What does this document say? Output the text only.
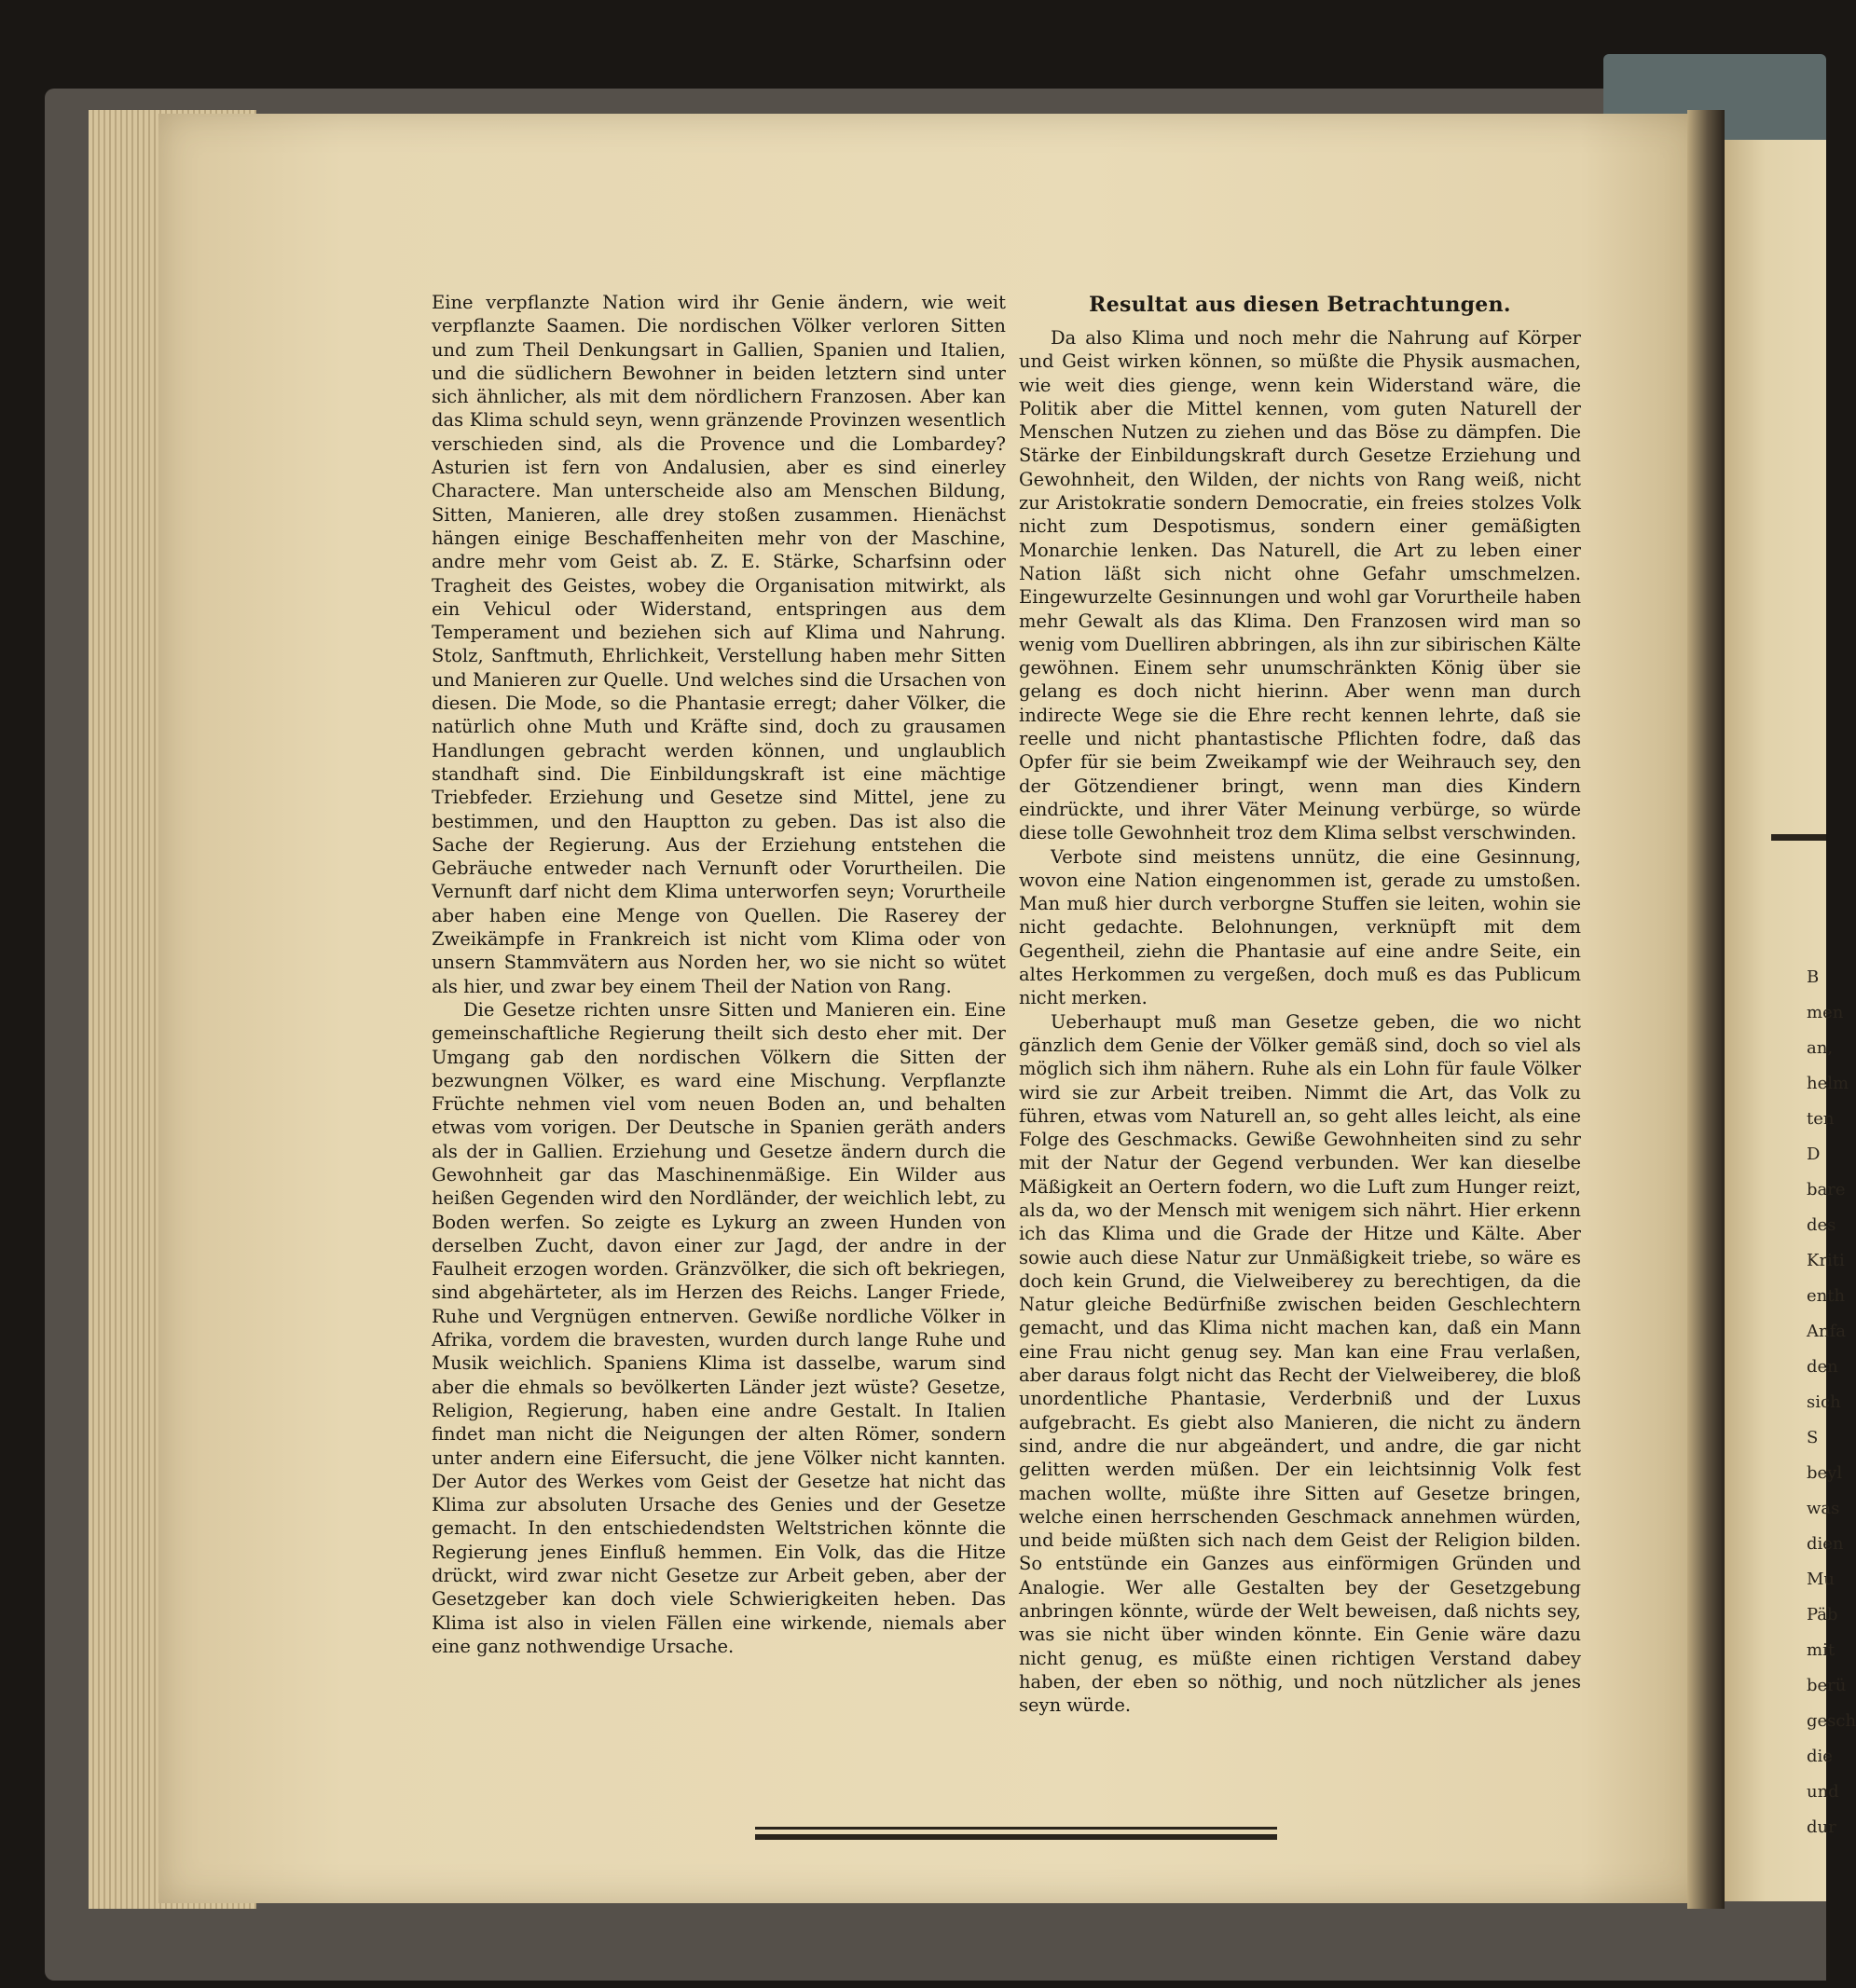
Eine verpflanzte Nation wird ihr Genie ändern, wie weit verpflanzte Saamen. Die nordischen Völker verloren Sitten und zum Theil Denkungsart in Gallien, Spanien und Italien, und die südlichern Bewohner in beiden letztern sind unter sich ähnlicher, als mit dem nördlichern Franzosen. Aber kan das Klima schuld seyn, wenn gränzende Provinzen wesentlich verschieden sind, als die Provence und die Lombardey? Asturien ist fern von Andalusien, aber es sind einerley Charactere. Man unterscheide also am Menschen Bildung, Sitten, Manieren, alle drey stoßen zusammen. Hienächst hängen einige Beschaffenheiten mehr von der Maschine, andre mehr vom Geist ab. Z. E. Stärke, Scharfsinn oder Tragheit des Geistes, wobey die Organisation mitwirkt, als ein Vehicul oder Widerstand, entspringen aus dem Temperament und beziehen sich auf Klima und Nahrung. Stolz, Sanftmuth, Ehrlichkeit, Verstellung haben mehr Sitten und Manieren zur Quelle. Und welches sind die Ursachen von diesen. Die Mode, so die Phantasie erregt; daher Völker, die natürlich ohne Muth und Kräfte sind, doch zu grausamen Handlungen gebracht werden können, und unglaublich standhaft sind. Die Einbildungskraft ist eine mächtige Triebfeder. Erziehung und Gesetze sind Mittel, jene zu bestimmen, und den Hauptton zu geben. Das ist also die Sache der Regierung. Aus der Erziehung entstehen die Gebräuche entweder nach Vernunft oder Vorurtheilen. Die Vernunft darf nicht dem Klima unterworfen seyn; Vorurtheile aber haben eine Menge von Quellen. Die Raserey der Zweikämpfe in Frankreich ist nicht vom Klima oder von unsern Stammvätern aus Norden her, wo sie nicht so wütet als hier, und zwar bey einem Theil der Nation von Rang.

Die Gesetze richten unsre Sitten und Manieren ein. Eine gemeinschaftliche Regierung theilt sich desto eher mit. Der Umgang gab den nordischen Völkern die Sitten der bezwungnen Völker, es ward eine Mischung. Verpflanzte Früchte nehmen viel vom neuen Boden an, und behalten etwas vom vorigen. Der Deutsche in Spanien geräth anders als der in Gallien. Erziehung und Gesetze ändern durch die Gewohnheit gar das Maschinenmäßige. Ein Wilder aus heißen Gegenden wird den Nordländer, der weichlich lebt, zu Boden werfen. So zeigte es Lykurg an zween Hunden von derselben Zucht, davon einer zur Jagd, der andre in der Faulheit erzogen worden. Gränzvölker, die sich oft bekriegen, sind abgehärteter, als im Herzen des Reichs. Langer Friede, Ruhe und Vergnügen entnerven. Gewiße nordliche Völker in Afrika, vordem die bravesten, wurden durch lange Ruhe und Musik weichlich. Spaniens Klima ist dasselbe, warum sind aber die ehmals so bevölkerten Länder jezt wüste? Gesetze, Religion, Regierung, haben eine andre Gestalt. In Italien findet man nicht die Neigungen der alten Römer, sondern unter andern eine Eifersucht, die jene Völker nicht kannten. Der Autor des Werkes vom Geist der Gesetze hat nicht das Klima zur absoluten Ursache des Genies und der Gesetze gemacht. In den entschiedendsten Weltstrichen könnte die Regierung jenes Einfluß hemmen. Ein Volk, das die Hitze drückt, wird zwar nicht Gesetze zur Arbeit geben, aber der Gesetzgeber kan doch viele Schwierigkeiten heben. Das Klima ist also in vielen Fällen eine wirkende, niemals aber eine ganz nothwendige Ursache.

Resultat aus diesen Betrachtungen.

Da also Klima und noch mehr die Nahrung auf Körper und Geist wirken können, so müßte die Physik ausmachen, wie weit dies gienge, wenn kein Widerstand wäre, die Politik aber die Mittel kennen, vom guten Naturell der Menschen Nutzen zu ziehen und das Böse zu dämpfen. Die Stärke der Einbildungskraft durch Gesetze Erziehung und Gewohnheit, den Wilden, der nichts von Rang weiß, nicht zur Aristokratie sondern Democratie, ein freies stolzes Volk nicht zum Despotismus, sondern einer gemäßigten Monarchie lenken. Das Naturell, die Art zu leben einer Nation läßt sich nicht ohne Gefahr umschmelzen. Eingewurzelte Gesinnungen und wohl gar Vorurtheile haben mehr Gewalt als das Klima. Den Franzosen wird man so wenig vom Duelliren abbringen, als ihn zur sibirischen Kälte gewöhnen. Einem sehr unumschränkten König über sie gelang es doch nicht hierinn. Aber wenn man durch indirecte Wege sie die Ehre recht kennen lehrte, daß sie reelle und nicht phantastische Pflichten fodre, daß das Opfer für sie beim Zweikampf wie der Weihrauch sey, den der Götzendiener bringt, wenn man dies Kindern eindrückte, und ihrer Väter Meinung verbürge, so würde diese tolle Gewohnheit troz dem Klima selbst verschwinden.

Verbote sind meistens unnütz, die eine Gesinnung, wovon eine Nation eingenommen ist, gerade zu umstoßen. Man muß hier durch verborgne Stuffen sie leiten, wohin sie nicht gedachte. Belohnungen, verknüpft mit dem Gegentheil, ziehn die Phantasie auf eine andre Seite, ein altes Herkommen zu vergeßen, doch muß es das Publicum nicht merken.

Ueberhaupt muß man Gesetze geben, die wo nicht gänzlich dem Genie der Völker gemäß sind, doch so viel als möglich sich ihm nähern. Ruhe als ein Lohn für faule Völker wird sie zur Arbeit treiben. Nimmt die Art, das Volk zu führen, etwas vom Naturell an, so geht alles leicht, als eine Folge des Geschmacks. Gewiße Gewohnheiten sind zu sehr mit der Natur der Gegend verbunden. Wer kan dieselbe Mäßigkeit an Oertern fodern, wo die Luft zum Hunger reizt, als da, wo der Mensch mit wenigem sich nährt. Hier erkenn ich das Klima und die Grade der Hitze und Kälte. Aber sowie auch diese Natur zur Unmäßigkeit triebe, so wäre es doch kein Grund, die Vielweiberey zu berechtigen, da die Natur gleiche Bedürfniße zwischen beiden Geschlechtern gemacht, und das Klima nicht machen kan, daß ein Mann eine Frau nicht genug sey. Man kan eine Frau verlaßen, aber daraus folgt nicht das Recht der Vielweiberey, die bloß unordentliche Phantasie, Verderbniß und der Luxus aufgebracht. Es giebt also Manieren, die nicht zu ändern sind, andre die nur abgeändert, und andre, die gar nicht gelitten werden müßen. Der ein leichtsinnig Volk fest machen wollte, müßte ihre Sitten auf Gesetze bringen, welche einen herrschenden Geschmack annehmen würden, und beide müßten sich nach dem Geist der Religion bilden. So entstünde ein Ganzes aus einförmigen Gründen und Analogie. Wer alle Gestalten bey der Gesetzgebung anbringen könnte, würde der Welt beweisen, daß nichts sey, was sie nicht über winden könnte. Ein Genie wäre dazu nicht genug, es müßte einen richtigen Verstand dabey haben, der eben so nöthig, und noch nützlicher als jenes seyn würde.

B
men
an,
helm
ten
D
bare
des
Kriti
enth
Anfa
den
sich
S
beyl
was
dien
Mu
Päb
mit
berü
gesch
die
und
dur
